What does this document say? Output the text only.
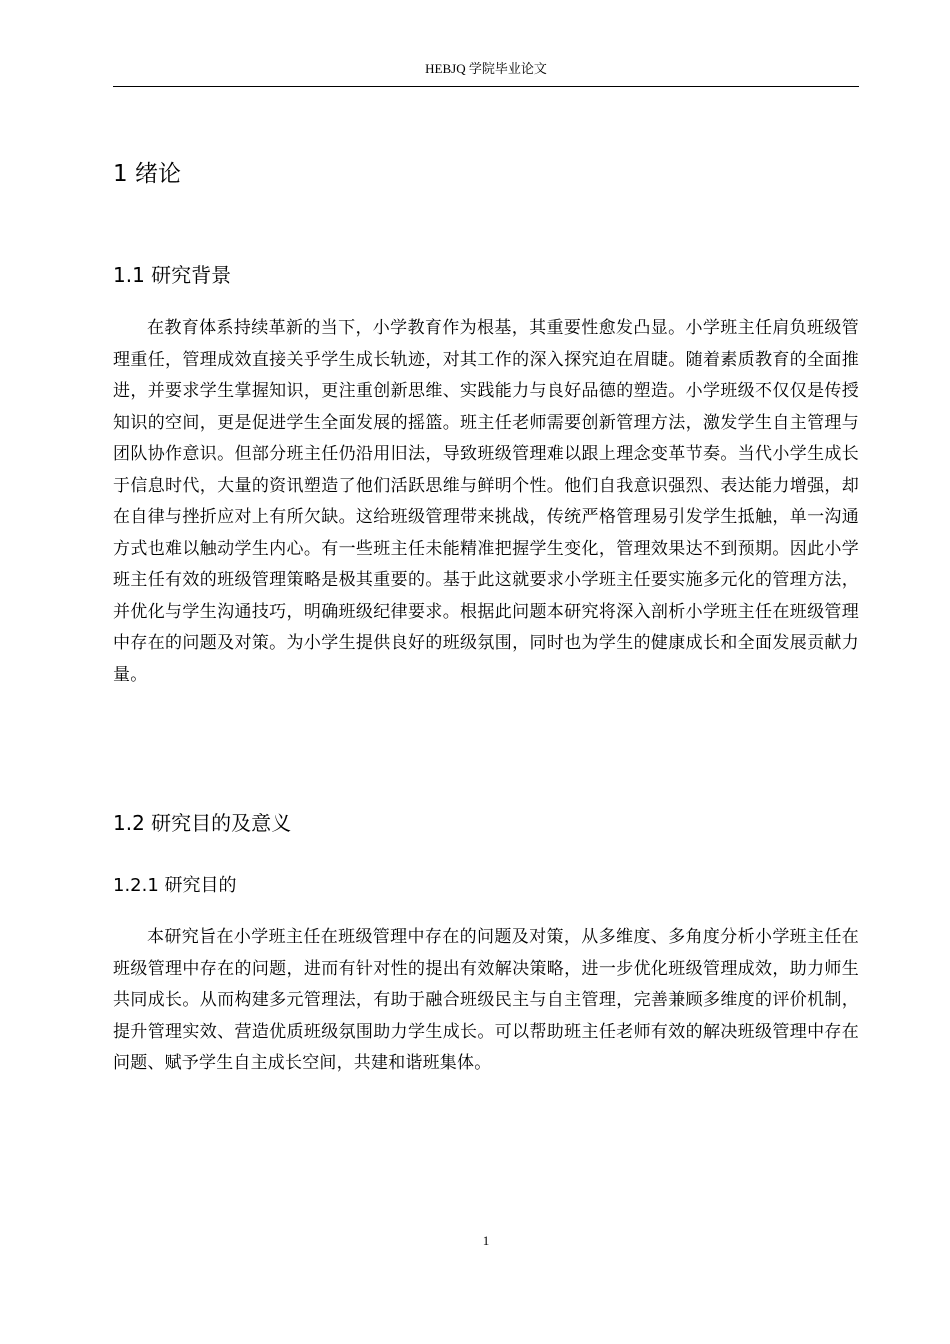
HEBJQ 学院毕业论文
1 绪论
1.1 研究背景

在教育体系持续革新的当下，小学教育作为根基，其重要性愈发凸显。小学班主任肩负班级管理重任，管理成效直接关乎学生成长轨迹，对其工作的深入探究迫在眉睫。随着素质教育的全面推进，并要求学生掌握知识，更注重创新思维、实践能力与良好品德的塑造。小学班级不仅仅是传授知识的空间，更是促进学生全面发展的摇篮。班主任老师需要创新管理方法，激发学生自主管理与团队协作意识。但部分班主任仍沿用旧法，导致班级管理难以跟上理念变革节奏。当代小学生成长于信息时代，大量的资讯塑造了他们活跃思维与鲜明个性。他们自我意识强烈、表达能力增强，却在自律与挫折应对上有所欠缺。这给班级管理带来挑战，传统严格管理易引发学生抵触，单一沟通方式也难以触动学生内心。有一些班主任未能精准把握学生变化，管理效果达不到预期。因此小学班主任有效的班级管理策略是极其重要的。基于此这就要求小学班主任要实施多元化的管理方法，并优化与学生沟通技巧，明确班级纪律要求。根据此问题本研究将深入剖析小学班主任在班级管理中存在的问题及对策。为小学生提供良好的班级氛围，同时也为学生的健康成长和全面发展贡献力量。

1.2 研究目的及意义
1.2.1 研究目的

本研究旨在小学班主任在班级管理中存在的问题及对策，从多维度、多角度分析小学班主任在班级管理中存在的问题，进而有针对性的提出有效解决策略，进一步优化班级管理成效，助力师生共同成长。从而构建多元管理法，有助于融合班级民主与自主管理，完善兼顾多维度的评价机制，提升管理实效、营造优质班级氛围助力学生成长。可以帮助班主任老师有效的解决班级管理中存在问题、赋予学生自主成长空间，共建和谐班集体。

1
